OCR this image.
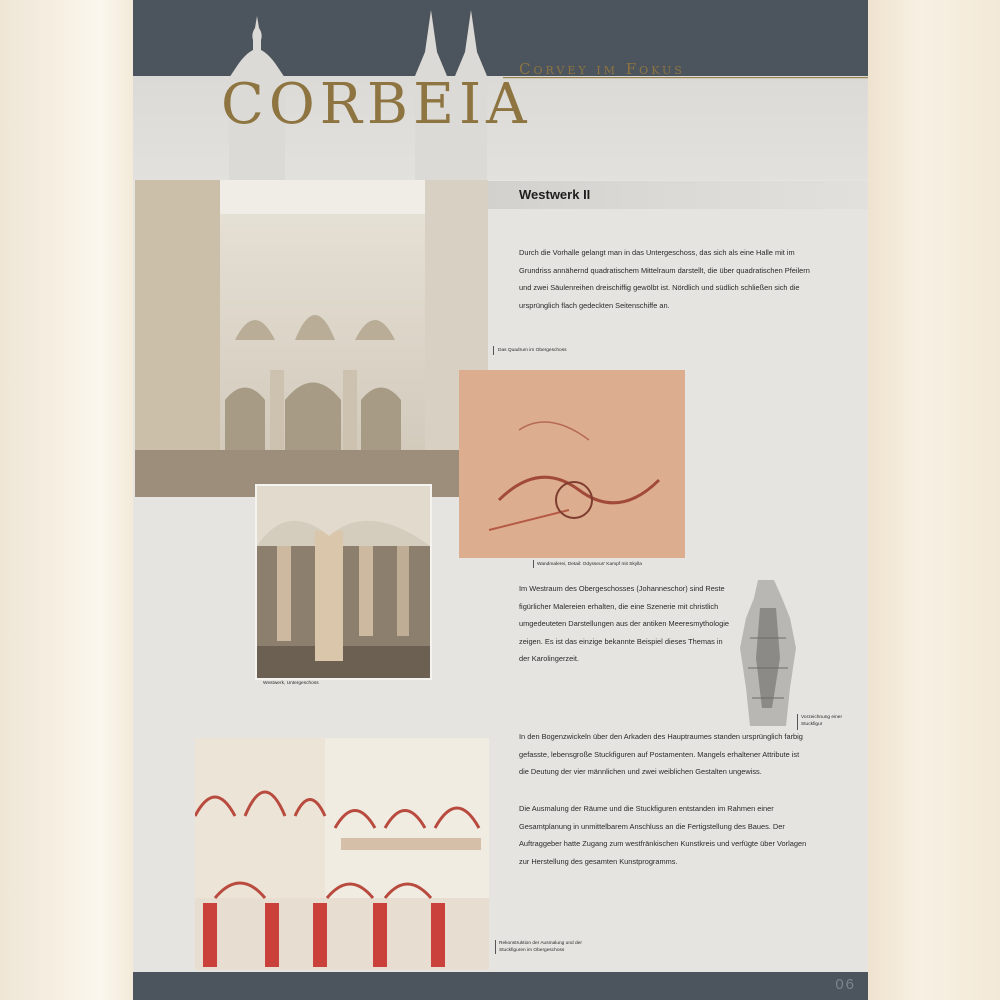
CORBEIA
Corvey im Fokus
Westwerk II
Das Quadrum im Obergeschoss

Durch die Vorhalle gelangt man in das Untergeschoss, das sich als eine Halle mit im Grundriss annähernd quadratischem Mittelraum darstellt, die über quadratischen Pfeilern und zwei Säulenreihen dreischiffig gewölbt ist. Nördlich und südlich schließen sich die ursprünglich flach gedeckten Seitenschiffe an.

Wandmalerei, Detail: Odysseus' Kampf mit Skylla
Westwerk, Untergeschoss

Im Westraum des Obergeschosses (Johanneschor) sind Reste figürlicher Malereien erhalten, die eine Szenerie mit christlich umgedeuteten Darstellungen aus der antiken Meeresmythologie zeigen. Es ist das einzige bekannte Beispiel dieses Themas in der Karolingerzeit.

Vorzeichnung einer Stuckfigur

In den Bogenzwickeln über den Arkaden des Hauptraumes standen ursprünglich farbig gefasste, lebensgroße Stuckfiguren auf Postamenten. Mangels erhaltener Attribute ist die Deutung der vier männlichen und zwei weiblichen Gestalten ungewiss.

Rekonstruktion der Ausmalung und der Stuckfiguren im Obergeschoss

Die Ausmalung der Räume und die Stuckfiguren entstanden im Rahmen einer Gesamtplanung in unmittelbarem Anschluss an die Fertigstellung des Baues. Der Auftraggeber hatte Zugang zum westfränkischen Kunstkreis und verfügte über Vorlagen zur Herstellung des gesamten Kunstprogramms.

06
